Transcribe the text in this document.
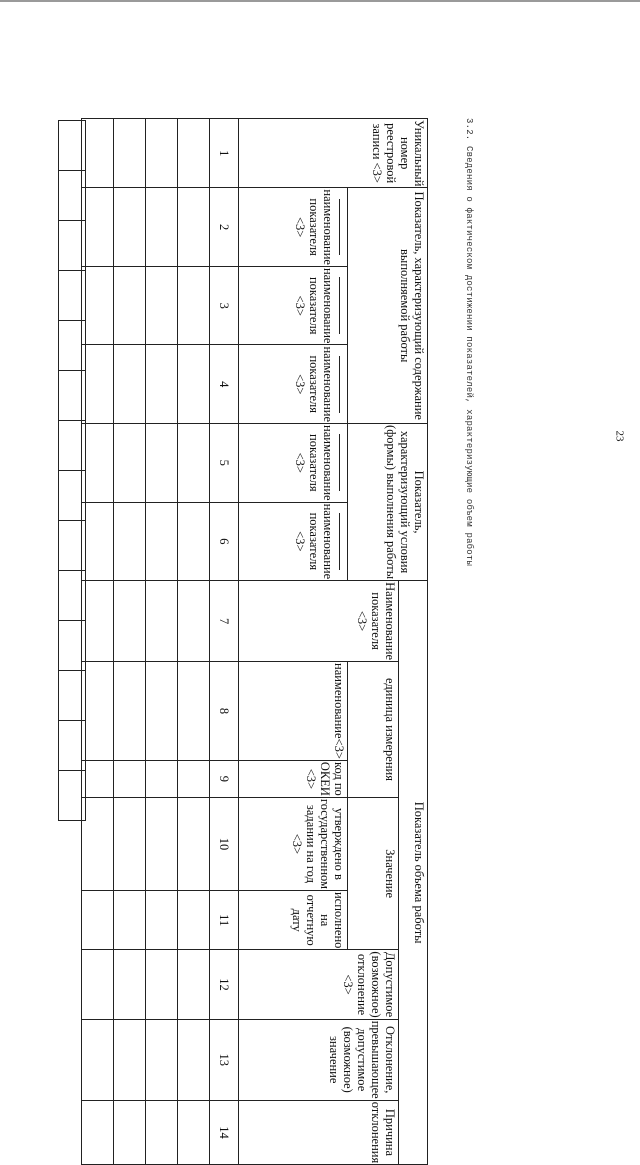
3.2. Сведения о фактическом достижении показателей, характеризующие объем работы
Уникальный номер реестровой записи <3>	Показатель, характеризующий содержание выполняемой работы			Показатель, характеризующий условия (формы) выполнения работы		Показатель объема работы							
						Наименование показателя <3>	единица измерения		Значение		Допустимое (возможное) отклонение <3>	Отклонение, превышающее допустимое (возможное) значение	Причина отклонения

наименование показателя <3>	наименование показателя <3>	наименование показателя <3>	наименование показателя <3>	наименование показателя <3>		наименование<3>	код по ОКЕИ <3>	утверждено в государственном задании на год <3>	исполнено на отчетную дату			
1	2	3	4	5	6	7	8	9	10	11	12	13	14

23
